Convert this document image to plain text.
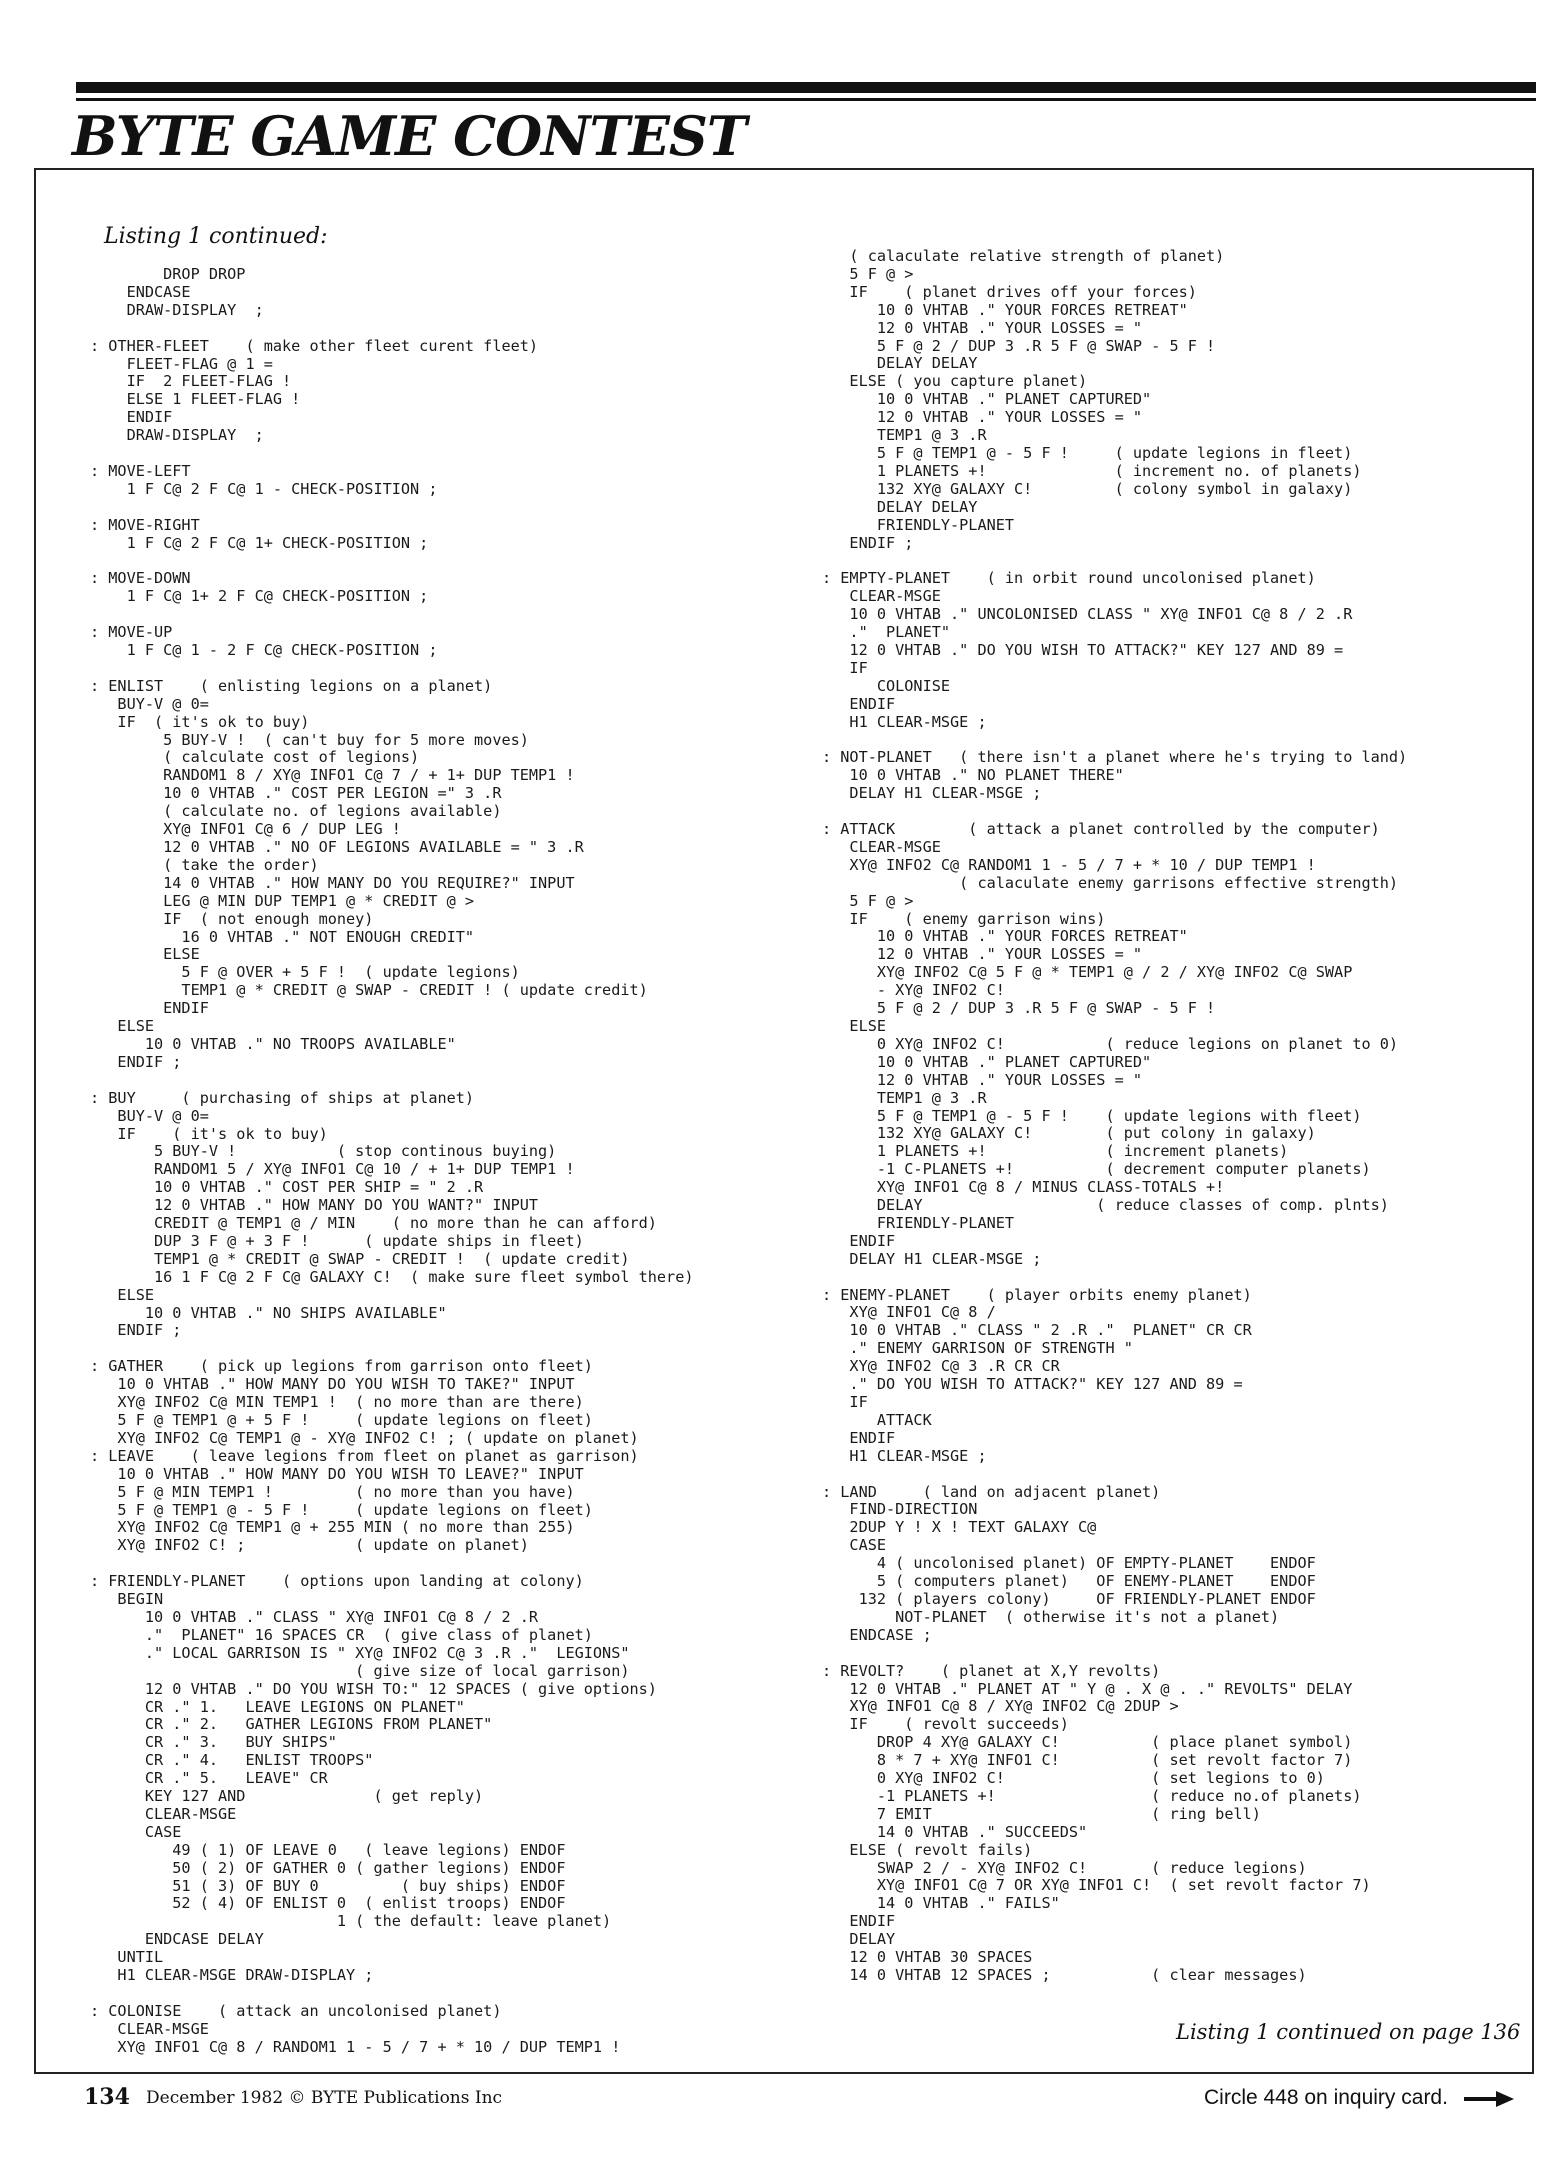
BYTE GAME CONTEST
Listing 1 continued:
DROP DROP
ENDCASE
DRAW-DISPLAY  ;

: OTHER-FLEET    ( make other fleet curent fleet)
FLEET-FLAG @ 1 =
IF  2 FLEET-FLAG !
ELSE 1 FLEET-FLAG !
ENDIF
DRAW-DISPLAY  ;

: MOVE-LEFT
1 F C@ 2 F C@ 1 - CHECK-POSITION ;

: MOVE-RIGHT
1 F C@ 2 F C@ 1+ CHECK-POSITION ;

: MOVE-DOWN
1 F C@ 1+ 2 F C@ CHECK-POSITION ;

: MOVE-UP
1 F C@ 1 - 2 F C@ CHECK-POSITION ;

: ENLIST    ( enlisting legions on a planet)
BUY-V @ 0=
IF  ( it's ok to buy)
5 BUY-V !  ( can't buy for 5 more moves)
( calculate cost of legions)
RANDOM1 8 / XY@ INFO1 C@ 7 / + 1+ DUP TEMP1 !
10 0 VHTAB ." COST PER LEGION =" 3 .R
( calculate no. of legions available)
XY@ INFO1 C@ 6 / DUP LEG !
12 0 VHTAB ." NO OF LEGIONS AVAILABLE = " 3 .R
( take the order)
14 0 VHTAB ." HOW MANY DO YOU REQUIRE?" INPUT
LEG @ MIN DUP TEMP1 @ * CREDIT @ >
IF  ( not enough money)
16 0 VHTAB ." NOT ENOUGH CREDIT"
ELSE
5 F @ OVER + 5 F !  ( update legions)
TEMP1 @ * CREDIT @ SWAP - CREDIT ! ( update credit)
ENDIF
ELSE
10 0 VHTAB ." NO TROOPS AVAILABLE"
ENDIF ;

: BUY     ( purchasing of ships at planet)
BUY-V @ 0=
IF    ( it's ok to buy)
5 BUY-V !           ( stop continous buying)
RANDOM1 5 / XY@ INFO1 C@ 10 / + 1+ DUP TEMP1 !
10 0 VHTAB ." COST PER SHIP = " 2 .R
12 0 VHTAB ." HOW MANY DO YOU WANT?" INPUT
CREDIT @ TEMP1 @ / MIN    ( no more than he can afford)
DUP 3 F @ + 3 F !      ( update ships in fleet)
TEMP1 @ * CREDIT @ SWAP - CREDIT !  ( update credit)
16 1 F C@ 2 F C@ GALAXY C!  ( make sure fleet symbol there)
ELSE
10 0 VHTAB ." NO SHIPS AVAILABLE"
ENDIF ;

: GATHER    ( pick up legions from garrison onto fleet)
10 0 VHTAB ." HOW MANY DO YOU WISH TO TAKE?" INPUT
XY@ INFO2 C@ MIN TEMP1 !  ( no more than are there)
5 F @ TEMP1 @ + 5 F !     ( update legions on fleet)
XY@ INFO2 C@ TEMP1 @ - XY@ INFO2 C! ; ( update on planet)
: LEAVE    ( leave legions from fleet on planet as garrison)
10 0 VHTAB ." HOW MANY DO YOU WISH TO LEAVE?" INPUT
5 F @ MIN TEMP1 !         ( no more than you have)
5 F @ TEMP1 @ - 5 F !     ( update legions on fleet)
XY@ INFO2 C@ TEMP1 @ + 255 MIN ( no more than 255)
XY@ INFO2 C! ;            ( update on planet)

: FRIENDLY-PLANET    ( options upon landing at colony)
BEGIN
10 0 VHTAB ." CLASS " XY@ INFO1 C@ 8 / 2 .R
."  PLANET" 16 SPACES CR  ( give class of planet)
." LOCAL GARRISON IS " XY@ INFO2 C@ 3 .R ."  LEGIONS"
( give size of local garrison)
12 0 VHTAB ." DO YOU WISH TO:" 12 SPACES ( give options)
CR ." 1.   LEAVE LEGIONS ON PLANET"
CR ." 2.   GATHER LEGIONS FROM PLANET"
CR ." 3.   BUY SHIPS"
CR ." 4.   ENLIST TROOPS"
CR ." 5.   LEAVE" CR
KEY 127 AND              ( get reply)
CLEAR-MSGE
CASE
49 ( 1) OF LEAVE 0   ( leave legions) ENDOF
50 ( 2) OF GATHER 0 ( gather legions) ENDOF
51 ( 3) OF BUY 0         ( buy ships) ENDOF
52 ( 4) OF ENLIST 0  ( enlist troops) ENDOF
1 ( the default: leave planet)
ENDCASE DELAY
UNTIL
H1 CLEAR-MSGE DRAW-DISPLAY ;

: COLONISE    ( attack an uncolonised planet)
CLEAR-MSGE
XY@ INFO1 C@ 8 / RANDOM1 1 - 5 / 7 + * 10 / DUP TEMP1 !
( calaculate relative strength of planet)
5 F @ >
IF    ( planet drives off your forces)
10 0 VHTAB ." YOUR FORCES RETREAT"
12 0 VHTAB ." YOUR LOSSES = "
5 F @ 2 / DUP 3 .R 5 F @ SWAP - 5 F !
DELAY DELAY
ELSE ( you capture planet)
10 0 VHTAB ." PLANET CAPTURED"
12 0 VHTAB ." YOUR LOSSES = "
TEMP1 @ 3 .R
5 F @ TEMP1 @ - 5 F !     ( update legions in fleet)
1 PLANETS +!              ( increment no. of planets)
132 XY@ GALAXY C!         ( colony symbol in galaxy)
DELAY DELAY
FRIENDLY-PLANET
ENDIF ;

: EMPTY-PLANET    ( in orbit round uncolonised planet)
CLEAR-MSGE
10 0 VHTAB ." UNCOLONISED CLASS " XY@ INFO1 C@ 8 / 2 .R
."  PLANET"
12 0 VHTAB ." DO YOU WISH TO ATTACK?" KEY 127 AND 89 =
IF
COLONISE
ENDIF
H1 CLEAR-MSGE ;

: NOT-PLANET   ( there isn't a planet where he's trying to land)
10 0 VHTAB ." NO PLANET THERE"
DELAY H1 CLEAR-MSGE ;

: ATTACK        ( attack a planet controlled by the computer)
CLEAR-MSGE
XY@ INFO2 C@ RANDOM1 1 - 5 / 7 + * 10 / DUP TEMP1 !
( calaculate enemy garrisons effective strength)
5 F @ >
IF    ( enemy garrison wins)
10 0 VHTAB ." YOUR FORCES RETREAT"
12 0 VHTAB ." YOUR LOSSES = "
XY@ INFO2 C@ 5 F @ * TEMP1 @ / 2 / XY@ INFO2 C@ SWAP
- XY@ INFO2 C!
5 F @ 2 / DUP 3 .R 5 F @ SWAP - 5 F !
ELSE
0 XY@ INFO2 C!           ( reduce legions on planet to 0)
10 0 VHTAB ." PLANET CAPTURED"
12 0 VHTAB ." YOUR LOSSES = "
TEMP1 @ 3 .R
5 F @ TEMP1 @ - 5 F !    ( update legions with fleet)
132 XY@ GALAXY C!        ( put colony in galaxy)
1 PLANETS +!             ( increment planets)
-1 C-PLANETS +!          ( decrement computer planets)
XY@ INFO1 C@ 8 / MINUS CLASS-TOTALS +!
DELAY                   ( reduce classes of comp. plnts)
FRIENDLY-PLANET
ENDIF
DELAY H1 CLEAR-MSGE ;

: ENEMY-PLANET    ( player orbits enemy planet)
XY@ INFO1 C@ 8 /
10 0 VHTAB ." CLASS " 2 .R ."  PLANET" CR CR
." ENEMY GARRISON OF STRENGTH "
XY@ INFO2 C@ 3 .R CR CR
." DO YOU WISH TO ATTACK?" KEY 127 AND 89 =
IF
ATTACK
ENDIF
H1 CLEAR-MSGE ;

: LAND     ( land on adjacent planet)
FIND-DIRECTION
2DUP Y ! X ! TEXT GALAXY C@
CASE
4 ( uncolonised planet) OF EMPTY-PLANET    ENDOF
5 ( computers planet)   OF ENEMY-PLANET    ENDOF
132 ( players colony)     OF FRIENDLY-PLANET ENDOF
NOT-PLANET  ( otherwise it's not a planet)
ENDCASE ;

: REVOLT?    ( planet at X,Y revolts)
12 0 VHTAB ." PLANET AT " Y @ . X @ . ." REVOLTS" DELAY
XY@ INFO1 C@ 8 / XY@ INFO2 C@ 2DUP >
IF    ( revolt succeeds)
DROP 4 XY@ GALAXY C!          ( place planet symbol)
8 * 7 + XY@ INFO1 C!          ( set revolt factor 7)
0 XY@ INFO2 C!                ( set legions to 0)
-1 PLANETS +!                 ( reduce no.of planets)
7 EMIT                        ( ring bell)
14 0 VHTAB ." SUCCEEDS"
ELSE ( revolt fails)
SWAP 2 / - XY@ INFO2 C!       ( reduce legions)
XY@ INFO1 C@ 7 OR XY@ INFO1 C!  ( set revolt factor 7)
14 0 VHTAB ." FAILS"
ENDIF
DELAY
12 0 VHTAB 30 SPACES
14 0 VHTAB 12 SPACES ;           ( clear messages)
Listing 1 continued on page 136
134 December 1982 © BYTE Publications Inc	Circle 448 on inquiry card.
